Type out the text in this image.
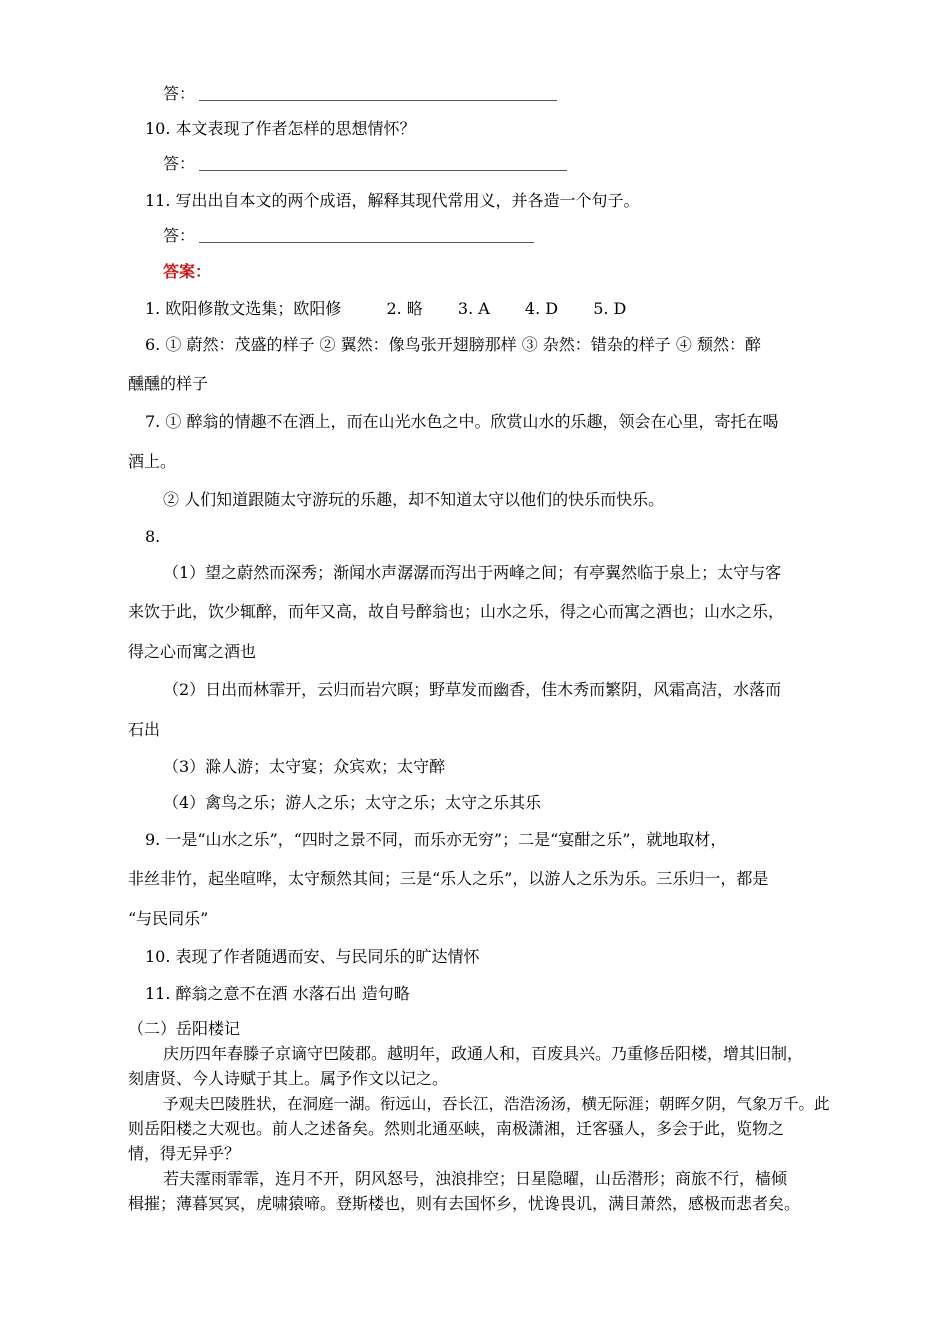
答：
10. 本文表现了作者怎样的思想情怀？
答：
11. 写出出自本文的两个成语，解释其现代常用义，并各造一个句子。
答：
答案：
1. 欧阳修散文选集；欧阳修	2. 略 3. A 4. D 5. D
6. ① 蔚然：茂盛的样子 ② 翼然：像鸟张开翅膀那样 ③ 杂然：错杂的样子 ④ 颓然：醉
醺醺的样子
7. ① 醉翁的情趣不在酒上，而在山光水色之中。欣赏山水的乐趣，领会在心里，寄托在喝
酒上。
② 人们知道跟随太守游玩的乐趣，却不知道太守以他们的快乐而快乐。
8.
（1）望之蔚然而深秀；渐闻水声潺潺而泻出于两峰之间；有亭翼然临于泉上；太守与客
来饮于此，饮少辄醉，而年又高，故自号醉翁也；山水之乐，得之心而寓之酒也；山水之乐，
得之心而寓之酒也
（2）日出而林霏开，云归而岩穴暝；野草发而幽香，佳木秀而繁阴，风霜高洁，水落而
石出
（3）滁人游；太守宴；众宾欢；太守醉
（4）禽鸟之乐；游人之乐；太守之乐；太守之乐其乐
9. 一是“山水之乐”，“四时之景不同，而乐亦无穷”；二是“宴酣之乐”，就地取材，
非丝非竹，起坐喧哗，太守颓然其间；三是“乐人之乐”，以游人之乐为乐。三乐归一，都是
“与民同乐”
10. 表现了作者随遇而安、与民同乐的旷达情怀
11. 醉翁之意不在酒 水落石出 造句略
（二）岳阳楼记
庆历四年春滕子京谪守巴陵郡。越明年，政通人和，百废具兴。乃重修岳阳楼，增其旧制，
刻唐贤、今人诗赋于其上。属予作文以记之。
予观夫巴陵胜状，在洞庭一湖。衔远山，吞长江，浩浩汤汤，横无际涯；朝晖夕阴，气象万千。此
则岳阳楼之大观也。前人之述备矣。然则北通巫峡，南极潇湘，迁客骚人，多会于此，览物之
情，得无异乎？
若夫霪雨霏霏，连月不开，阴风怒号，浊浪排空；日星隐曜，山岳潜形；商旅不行，樯倾
楫摧；薄暮冥冥，虎啸猿啼。登斯楼也，则有去国怀乡，忧谗畏讥，满目萧然，感极而悲者矣。
